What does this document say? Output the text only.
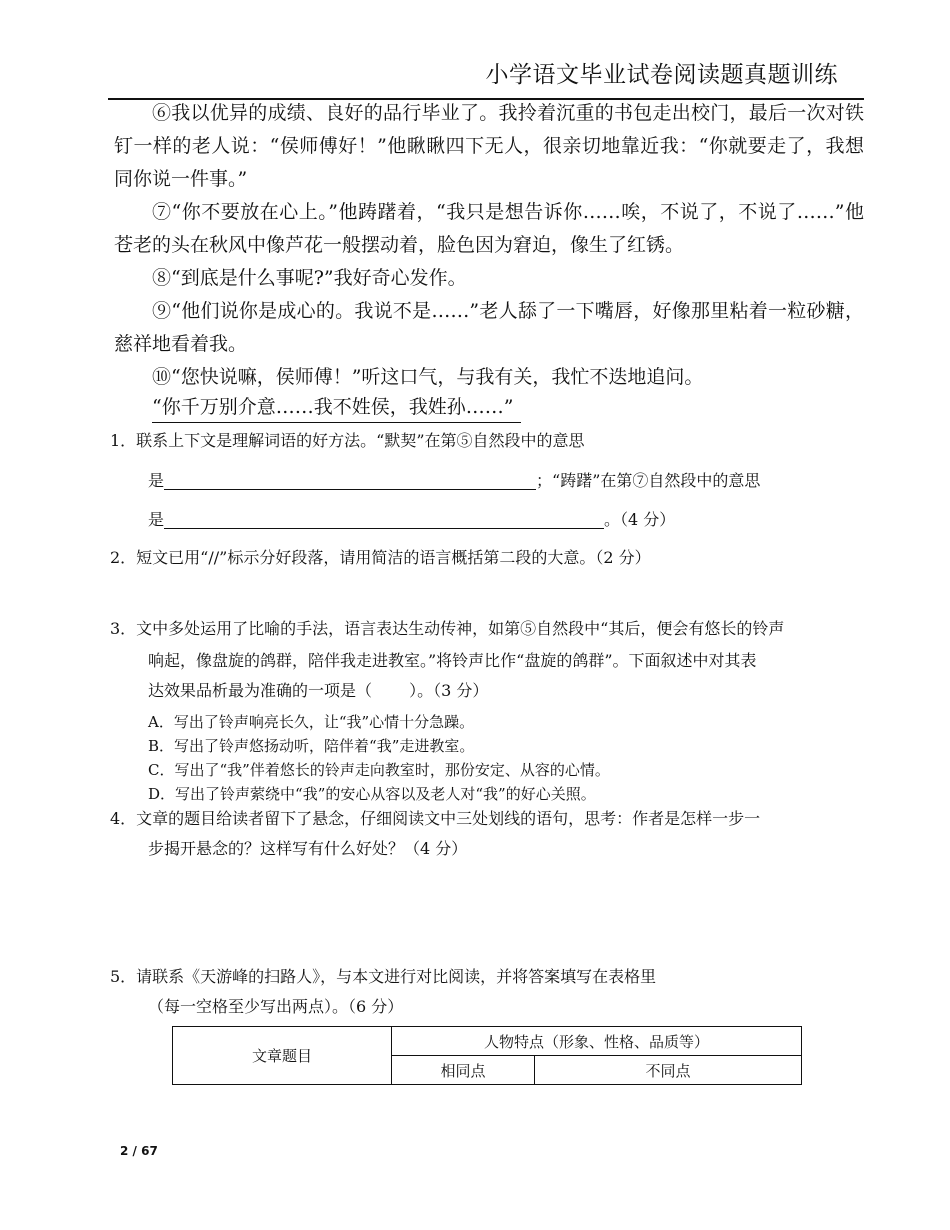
小学语文毕业试卷阅读题真题训练

⑥我以优异的成绩、良好的品行毕业了。我拎着沉重的书包走出校门，最后一次对铁钉一样的老人说：“侯师傅好！”他瞅瞅四下无人，很亲切地靠近我：“你就要走了，我想同你说一件事。”

⑦“你不要放在心上。”他踌躇着，“我只是想告诉你……唉，不说了，不说了……”他苍老的头在秋风中像芦花一般摆动着，脸色因为窘迫，像生了红锈。

⑧“到底是什么事呢?”我好奇心发作。

⑨“他们说你是成心的。我说不是……”老人舔了一下嘴唇，好像那里粘着一粒砂糖，慈祥地看着我。

⑩“您快说嘛，侯师傅！”听这口气，与我有关，我忙不迭地追问。

“你千万别介意……我不姓侯，我姓孙……”

1．联系上下文是理解词语的好方法。“默契”在第⑤自然段中的意思

是	；“踌躇”在第⑦自然段中的意思
是	。（4 分）

2．短文已用“//”标示分好段落，请用简洁的语言概括第二段的大意。（2 分）

3．文中多处运用了比喻的手法，语言表达生动传神，如第⑤自然段中“其后，便会有悠长的铃声

响起，像盘旋的鸽群，陪伴我走进教室。”将铃声比作“盘旋的鸽群”。下面叙述中对其表

达效果品析最为准确的一项是（　　 ）。（3 分）

A．写出了铃声响亮长久，让“我”心情十分急躁。
B．写出了铃声悠扬动听，陪伴着“我”走进教室。
C．写出了“我”伴着悠长的铃声走向教室时，那份安定、从容的心情。
D．写出了铃声萦绕中“我”的安心从容以及老人对“我”的好心关照。

4．文章的题目给读者留下了悬念，仔细阅读文中三处划线的语句，思考：作者是怎样一步一

步揭开悬念的？这样写有什么好处？（4 分）

5．请联系《天游峰的扫路人》，与本文进行对比阅读，并将答案填写在表格里

（每一空格至少写出两点）。（6 分）

文章题目	人物特点（形象、性格、品质等）	
	相同点	不同点
2 / 67
